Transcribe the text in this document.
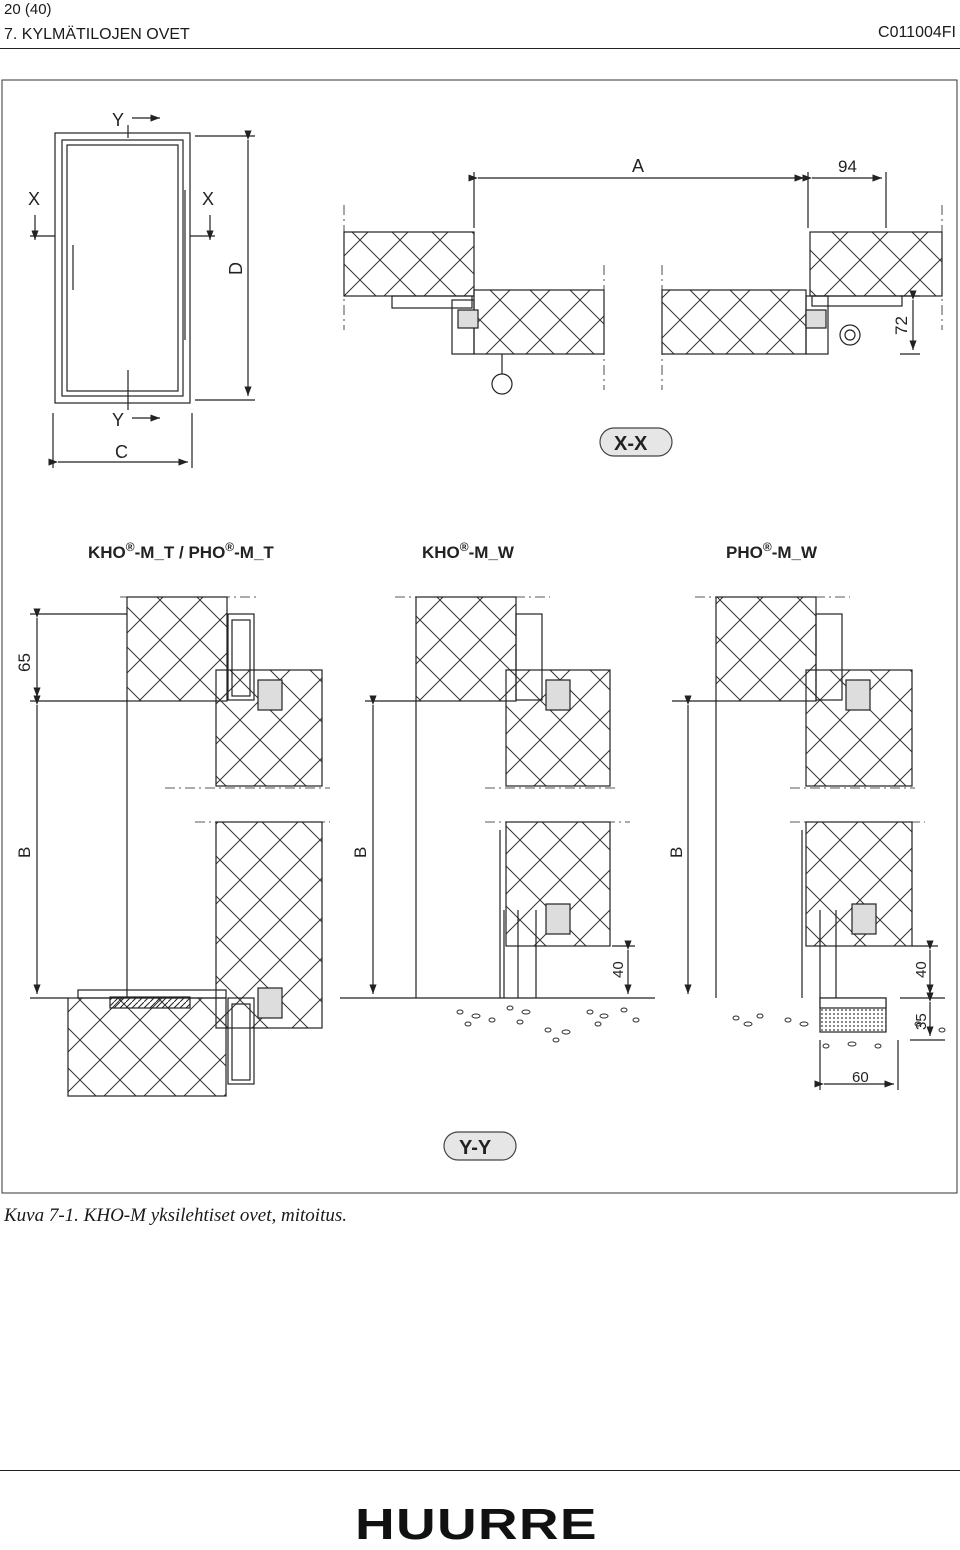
20 (40)
7. KYLMÄTILOJEN OVET	C011004FI
Y
Y
X	X
C
D
A	94
72
X-X
KHO®-M_T / PHO®-M_T	KHO®-M_W	PHO®-M_W
65
B	B
40
B
40
35
60
Y-Y
Kuva 7-1. KHO-M yksilehtiset ovet, mitoitus.
HUURRE
